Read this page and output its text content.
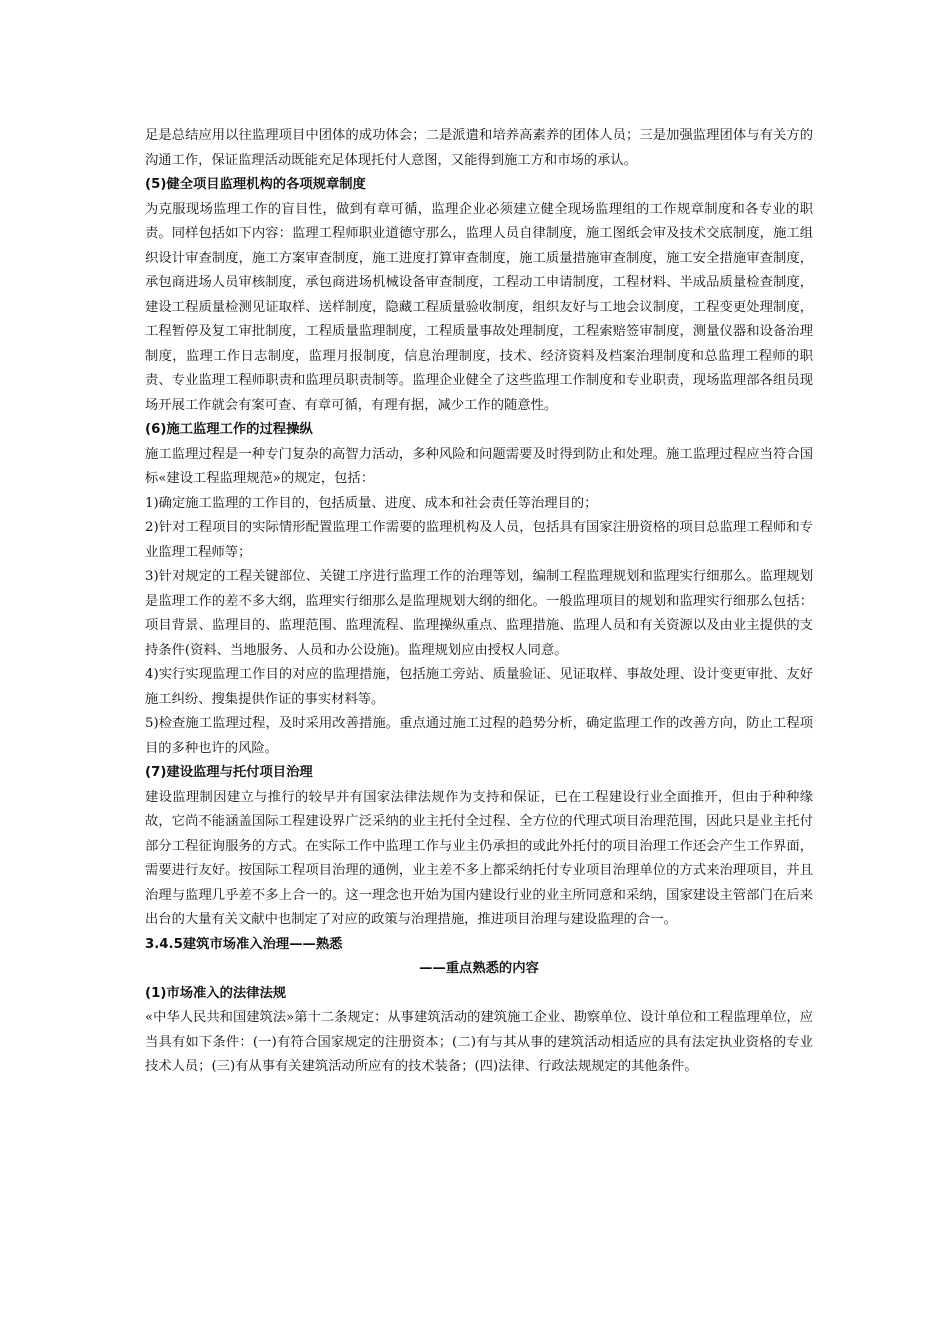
足是总结应用以往监理项目中团体的成功体会；二是派遣和培养高素养的团体人员；三是加强监理团体与有关方的沟通工作，保证监理活动既能充足体现托付人意图，又能得到施工方和市场的承认。

(5)健全项目监理机构的各项规章制度

为克服现场监理工作的盲目性，做到有章可循，监理企业必须建立健全现场监理组的工作规章制度和各专业的职责。同样包括如下内容：监理工程师职业道德守那么，监理人员自律制度，施工图纸会审及技术交底制度，施工组织设计审查制度，施工方案审查制度，施工进度打算审查制度，施工质量措施审查制度，施工安全措施审查制度，承包商进场人员审核制度，承包商进场机械设备审查制度，工程动工申请制度，工程材料、半成品质量检查制度，建设工程质量检测见证取样、送样制度，隐藏工程质量验收制度，组织友好与工地会议制度，工程变更处理制度，工程暂停及复工审批制度，工程质量监理制度，工程质量事故处理制度，工程索赔签审制度，测量仪器和设备治理制度，监理工作日志制度，监理月报制度，信息治理制度，技术、经济资料及档案治理制度和总监理工程师的职责、专业监理工程师职责和监理员职责制等。监理企业健全了这些监理工作制度和专业职责，现场监理部各组员现场开展工作就会有案可查、有章可循，有理有据，减少工作的随意性。

(6)施工监理工作的过程操纵

施工监理过程是一种专门复杂的高智力活动，多种风险和问题需要及时得到防止和处理。施工监理过程应当符合国标«建设工程监理规范»的规定，包括：

1)确定施工监理的工作目的，包括质量、进度、成本和社会责任等治理目的；

2)针对工程项目的实际情形配置监理工作需要的监理机构及人员，包括具有国家注册资格的项目总监理工程师和专业监理工程师等；

3)针对规定的工程关键部位、关键工序进行监理工作的治理等划，编制工程监理规划和监理实行细那么。监理规划是监理工作的差不多大纲，监理实行细那么是监理规划大纲的细化。一般监理项目的规划和监理实行细那么包括：项目背景、监理目的、监理范围、监理流程、监理操纵重点、监理措施、监理人员和有关资源以及由业主提供的支持条件(资料、当地服务、人员和办公设施)。监理规划应由授权人同意。

4)实行实现监理工作目的对应的监理措施，包括施工旁站、质量验证、见证取样、事故处理、设计变更审批、友好施工纠纷、搜集提供作证的事实材料等。

5)检查施工监理过程，及时采用改善措施。重点通过施工过程的趋势分析，确定监理工作的改善方向，防止工程项目的多种也许的风险。

(7)建设监理与托付项目治理

建设监理制因建立与推行的较早并有国家法律法规作为支持和保证，已在工程建设行业全面推开，但由于种种缘故，它尚不能涵盖国际工程建设界广泛采纳的业主托付全过程、全方位的代理式项目治理范围，因此只是业主托付部分工程征询服务的方式。在实际工作中监理工作与业主仍承担的或此外托付的项目治理工作还会产生工作界面，需要进行友好。按国际工程项目治理的通例，业主差不多上都采纳托付专业项目治理单位的方式来治理项目，并且治理与监理几乎差不多上合一的。这一理念也开始为国内建设行业的业主所同意和采纳，国家建设主管部门在后来出台的大量有关文献中也制定了对应的政策与治理措施，推进项目治理与建设监理的合一。

3.4.5建筑市场准入治理——熟悉

——重点熟悉的内容

(1)市场准入的法律法规

«中华人民共和国建筑法»第十二条规定：从事建筑活动的建筑施工企业、勘察单位、设计单位和工程监理单位，应当具有如下条件：(一)有符合国家规定的注册资本；(二)有与其从事的建筑活动相适应的具有法定执业资格的专业技术人员；(三)有从事有关建筑活动所应有的技术装备；(四)法律、行政法规规定的其他条件。
